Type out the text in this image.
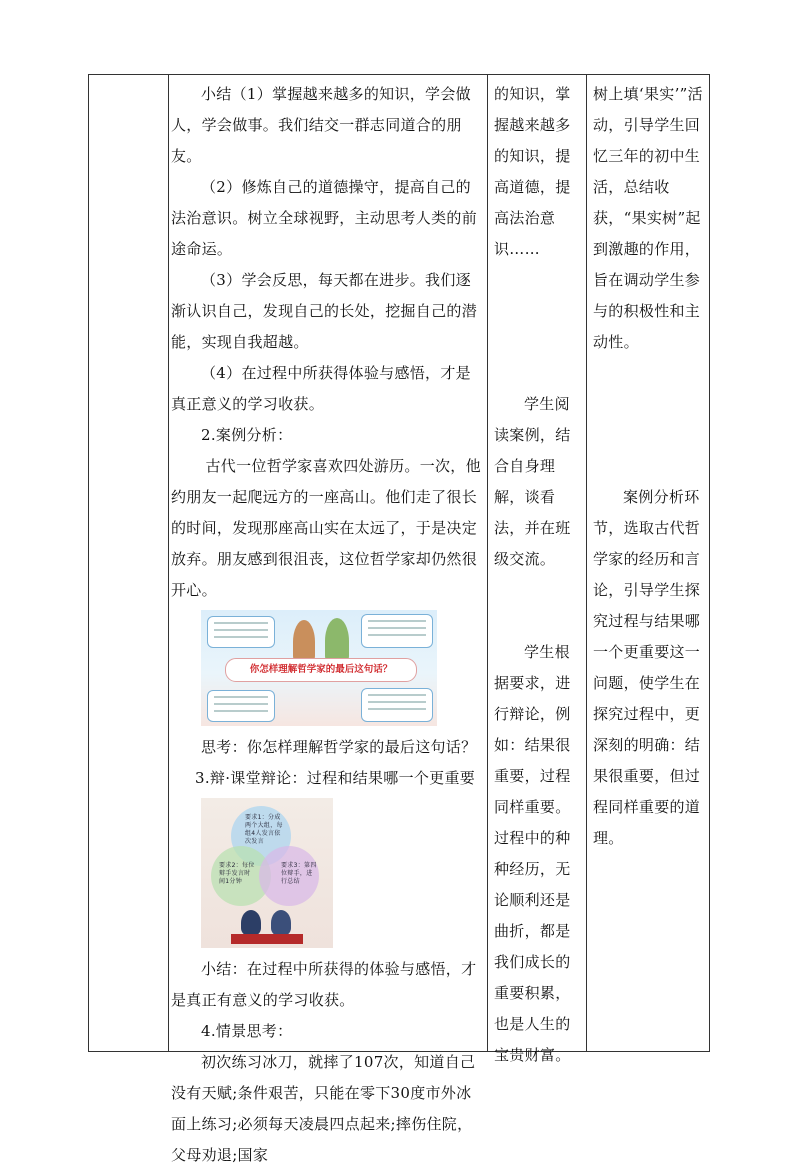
小结（1）掌握越来越多的知识，学会做人，学会做事。我们结交一群志同道合的朋友。

（2）修炼自己的道德操守，提高自己的法治意识。树立全球视野，主动思考人类的前途命运。

（3）学会反思，每天都在进步。我们逐渐认识自己，发现自己的长处，挖掘自己的潜能，实现自我超越。

（4）在过程中所获得体验与感悟，才是真正意义的学习收获。

2.案例分析：

古代一位哲学家喜欢四处游历。一次，他约朋友一起爬远方的一座高山。他们走了很长的时间，发现那座高山实在太远了，于是决定放弃。朋友感到很沮丧，这位哲学家却仍然很开心。

你怎样理解哲学家的最后这句话？

思考：你怎样理解哲学家的最后这句话？

3.辩·课堂辩论：过程和结果哪一个更重要

要求1：分成两个大组，每组4人发言依次发言
要求2：每位辩手发言时间1分钟
要求3：第四位辩手，进行总结

小结：在过程中所获得的体验与感悟，才是真正有意义的学习收获。

4.情景思考：

初次练习冰刀，就摔了107次，知道自己没有天赋;条件艰苦，只能在零下30度市外冰面上练习;必须每天凌晨四点起来;摔伤住院，父母劝退;国家

的知识，掌握越来越多的知识，提高道德，提高法治意识……

学生阅读案例，结合自身理解，谈看法，并在班级交流。

学生根据要求，进行辩论，例如：结果很重要，过程同样重要。过程中的种种经历，无论顺利还是曲折，都是我们成长的重要积累，也是人生的宝贵财富。

树上填‘果实’”活动，引导学生回忆三年的初中生活，总结收获，“果实树”起到激趣的作用，旨在调动学生参与的积极性和主动性。

案例分析环节，选取古代哲学家的经历和言论，引导学生探究过程与结果哪一个更重要这一问题，使学生在探究过程中，更深刻的明确：结果很重要，但过程同样重要的道理。
